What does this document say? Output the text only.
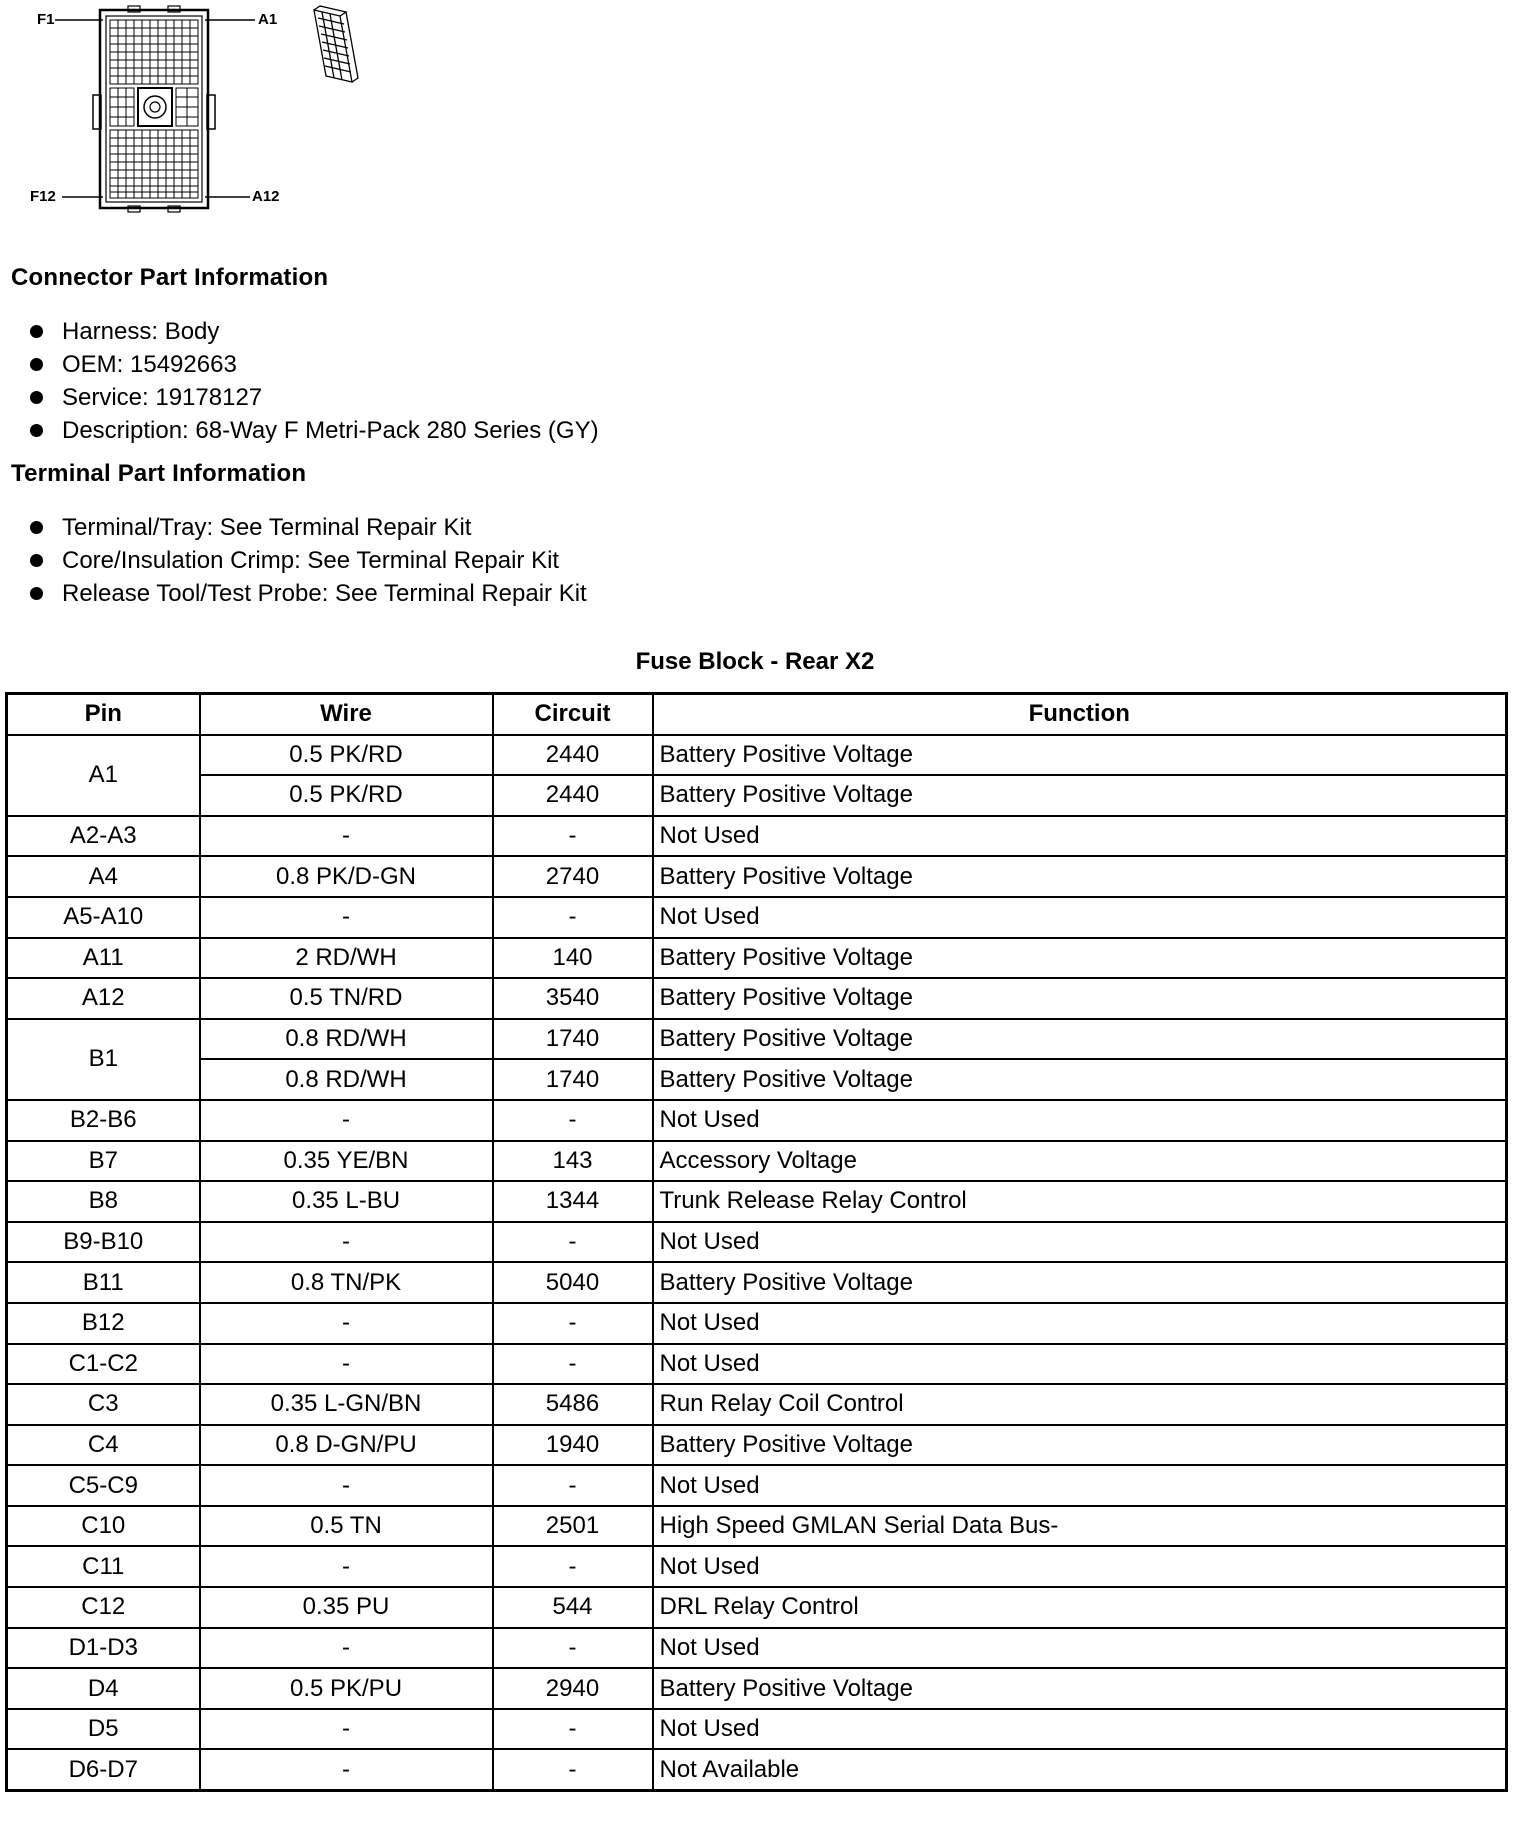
F1	A1
F12	A12
Connector Part Information
Harness: Body
OEM: 15492663
Service: 19178127
Description: 68-Way F Metri-Pack 280 Series (GY)
Terminal Part Information
Terminal/Tray: See Terminal Repair Kit
Core/Insulation Crimp: See Terminal Repair Kit
Release Tool/Test Probe: See Terminal Repair Kit
Fuse Block - Rear X2
Pin	Wire	Circuit	Function
A1	0.5 PK/RD	2440	Battery Positive Voltage
	0.5 PK/RD	2440	Battery Positive Voltage
A2-A3	-	-	Not Used
A4	0.8 PK/D-GN	2740	Battery Positive Voltage
A5-A10	-	-	Not Used
A11	2 RD/WH	140	Battery Positive Voltage
A12	0.5 TN/RD	3540	Battery Positive Voltage
B1	0.8 RD/WH	1740	Battery Positive Voltage
	0.8 RD/WH	1740	Battery Positive Voltage
B2-B6	-	-	Not Used
B7	0.35 YE/BN	143	Accessory Voltage
B8	0.35 L-BU	1344	Trunk Release Relay Control
B9-B10	-	-	Not Used
B11	0.8 TN/PK	5040	Battery Positive Voltage
B12	-	-	Not Used
C1-C2	-	-	Not Used
C3	0.35 L-GN/BN	5486	Run Relay Coil Control
C4	0.8 D-GN/PU	1940	Battery Positive Voltage
C5-C9	-	-	Not Used
C10	0.5 TN	2501	High Speed GMLAN Serial Data Bus-
C11	-	-	Not Used
C12	0.35 PU	544	DRL Relay Control
D1-D3	-	-	Not Used
D4	0.5 PK/PU	2940	Battery Positive Voltage
D5	-	-	Not Used
D6-D7	-	-	Not Available
